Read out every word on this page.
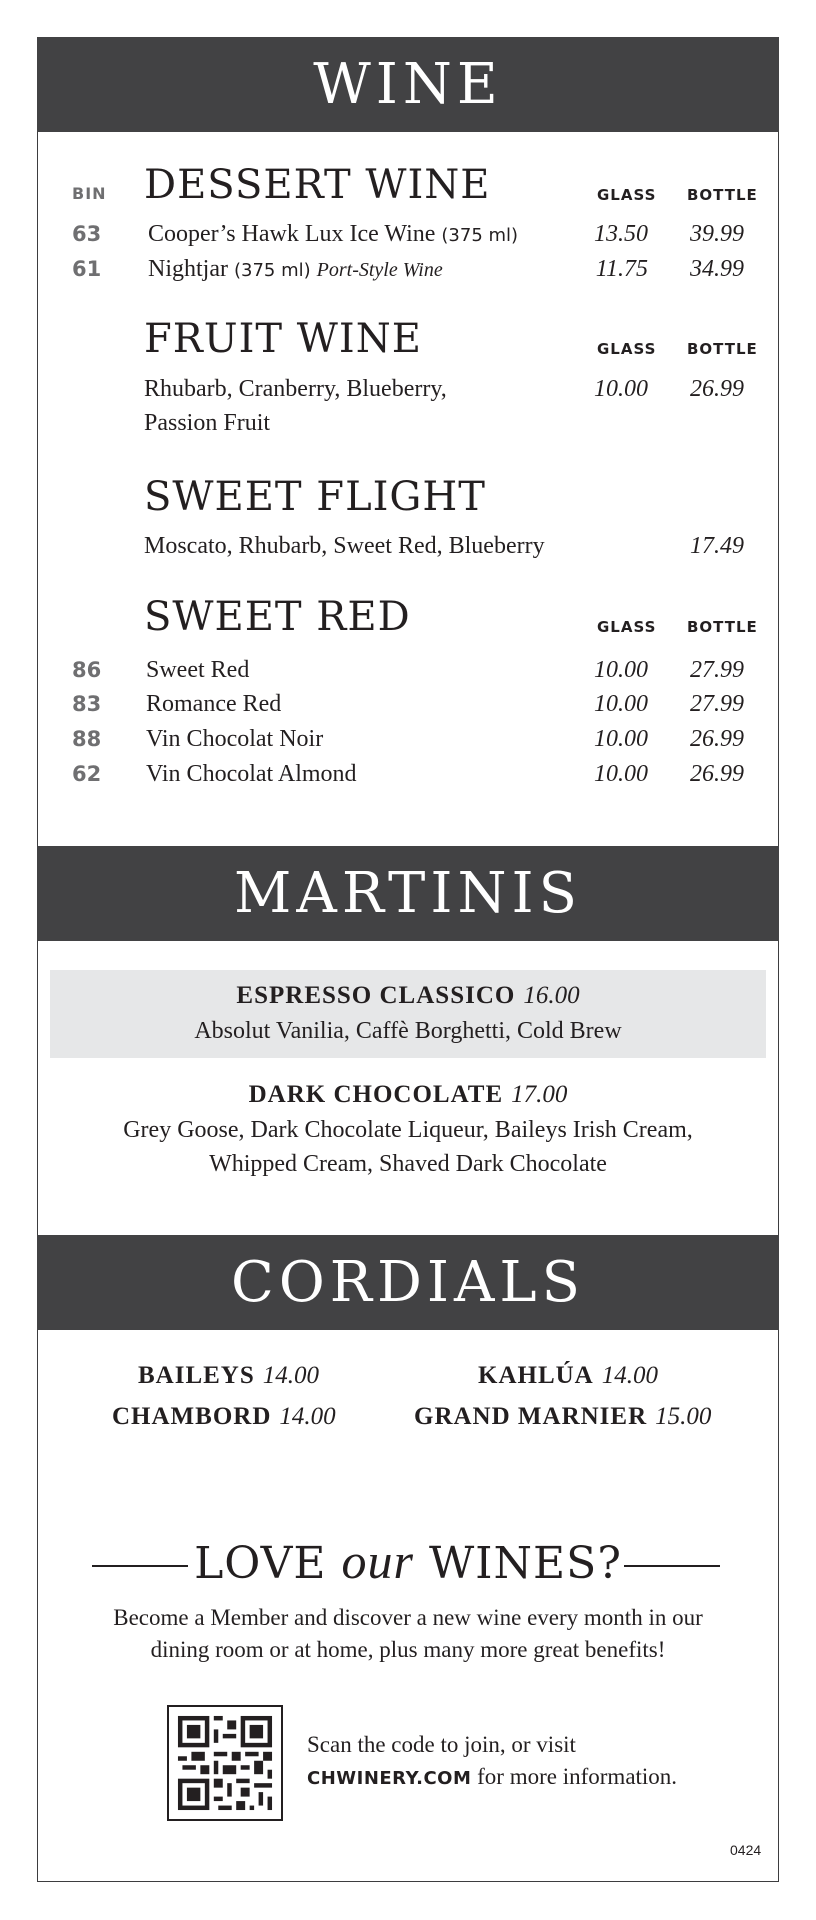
WINE
BIN DESSERT WINE	GLASS BOTTLE
63 Cooper’s Hawk Lux Ice Wine (375 ml)	13.50	39.99
61 Nightjar (375 ml) Port-Style Wine	11.75	34.99
FRUIT WINE	GLASS BOTTLE
Rhubarb, Cranberry, Blueberry,
Passion Fruit
10.00	26.99
SWEET FLIGHT
Moscato, Rhubarb, Sweet Red, Blueberry	17.49
SWEET RED	GLASS BOTTLE
86 Sweet Red	10.00	27.99
83 Romance Red	10.00	27.99
88 Vin Chocolat Noir	10.00	26.99
62 Vin Chocolat Almond	10.00	26.99
MARTINIS
ESPRESSO CLASSICO 16.00
Absolut Vanilia, Caffè Borghetti, Cold Brew
DARK CHOCOLATE 17.00
Grey Goose, Dark Chocolate Liqueur, Baileys Irish Cream,
Whipped Cream, Shaved Dark Chocolate
CORDIALS
BAILEYS 14.00	KAHLÚA 14.00
CHAMBORD 14.00	GRAND MARNIER 15.00
LOVE our WINES?
Become a Member and discover a new wine every month in our
dining room or at home, plus many more great benefits!
Scan the code to join, or visit
CHWINERY.COM for more information.
0424
